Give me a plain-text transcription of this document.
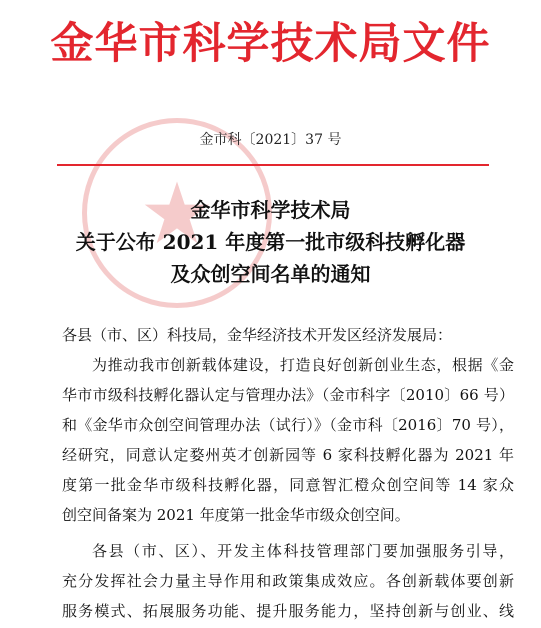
金华市科学技术局文件
金市科〔2021〕37 号
金华市科学技术局
关于公布 2021 年度第一批市级科技孵化器
及众创空间名单的通知
各县（市、区）科技局，金华经济技术开发区经济发展局：
为推动我市创新载体建设，打造良好创新创业生态，根据《金
华市市级科技孵化器认定与管理办法》（金市科字〔2010〕66 号）
和《金华市众创空间管理办法（试行）》（金市科〔2016〕70 号），
经研究，同意认定婺州英才创新园等 6 家科技孵化器为 2021 年
度第一批金华市级科技孵化器，同意智汇橙众创空间等 14 家众
创空间备案为 2021 年度第一批金华市级众创空间。
各县（市、区）、开发主体科技管理部门要加强服务引导，
充分发挥社会力量主导作用和政策集成效应。各创新载体要创新
服务模式、拓展服务功能、提升服务能力，坚持创新与创业、线
